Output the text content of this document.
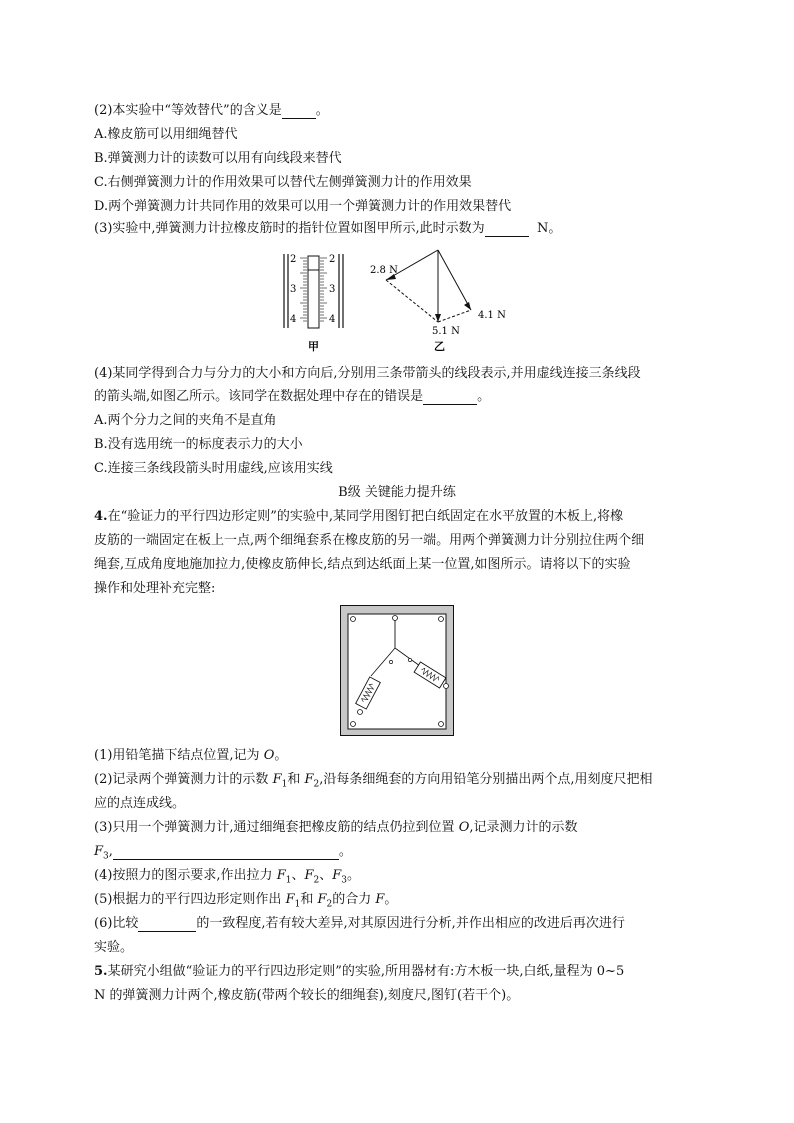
(2)本实验中“等效替代”的含义是	。
A.橡皮筋可以用细绳替代
B.弹簧测力计的读数可以用有向线段来替代
C.右侧弹簧测力计的作用效果可以替代左侧弹簧测力计的作用效果
D.两个弹簧测力计共同作用的效果可以用一个弹簧测力计的作用效果替代
(3)实验中,弹簧测力计拉橡皮筋时的指针位置如图甲所示,此时示数为	N。
2
3
4
2
3
4
甲
2.8 N
4.1 N
5.1 N
乙
(4)某同学得到合力与分力的大小和方向后,分别用三条带箭头的线段表示,并用虚线连接三条线段
的箭头端,如图乙所示。该同学在数据处理中存在的错误是	。
A.两个分力之间的夹角不是直角
B.没有选用统一的标度表示力的大小
C.连接三条线段箭头时用虚线,应该用实线
B级 关键能力提升练
4.在“验证力的平行四边形定则”的实验中,某同学用图钉把白纸固定在水平放置的木板上,将橡
皮筋的一端固定在板上一点,两个细绳套系在橡皮筋的另一端。用两个弹簧测力计分别拉住两个细
绳套,互成角度地施加拉力,使橡皮筋伸长,结点到达纸面上某一位置,如图所示。请将以下的实验
操作和处理补充完整:
(1)用铅笔描下结点位置,记为 O。
(2)记录两个弹簧测力计的示数 $F_1$和 $F_2$,沿每条细绳套的方向用铅笔分别描出两个点,用刻度尺把相
应的点连成线。
(3)只用一个弹簧测力计,通过细绳套把橡皮筋的结点仍拉到位置 O,记录测力计的示数
$F_3$,	。
(4)按照力的图示要求,作出拉力 $F_1$、$F_2$、$F_3$。
(5)根据力的平行四边形定则作出 $F_1$和 $F_2$的合力 F。
(6)比较	的一致程度,若有较大差异,对其原因进行分析,并作出相应的改进后再次进行
实验。
5.某研究小组做“验证力的平行四边形定则”的实验,所用器材有:方木板一块,白纸,量程为 0~5
N 的弹簧测力计两个,橡皮筋(带两个较长的细绳套),刻度尺,图钉(若干个)。
